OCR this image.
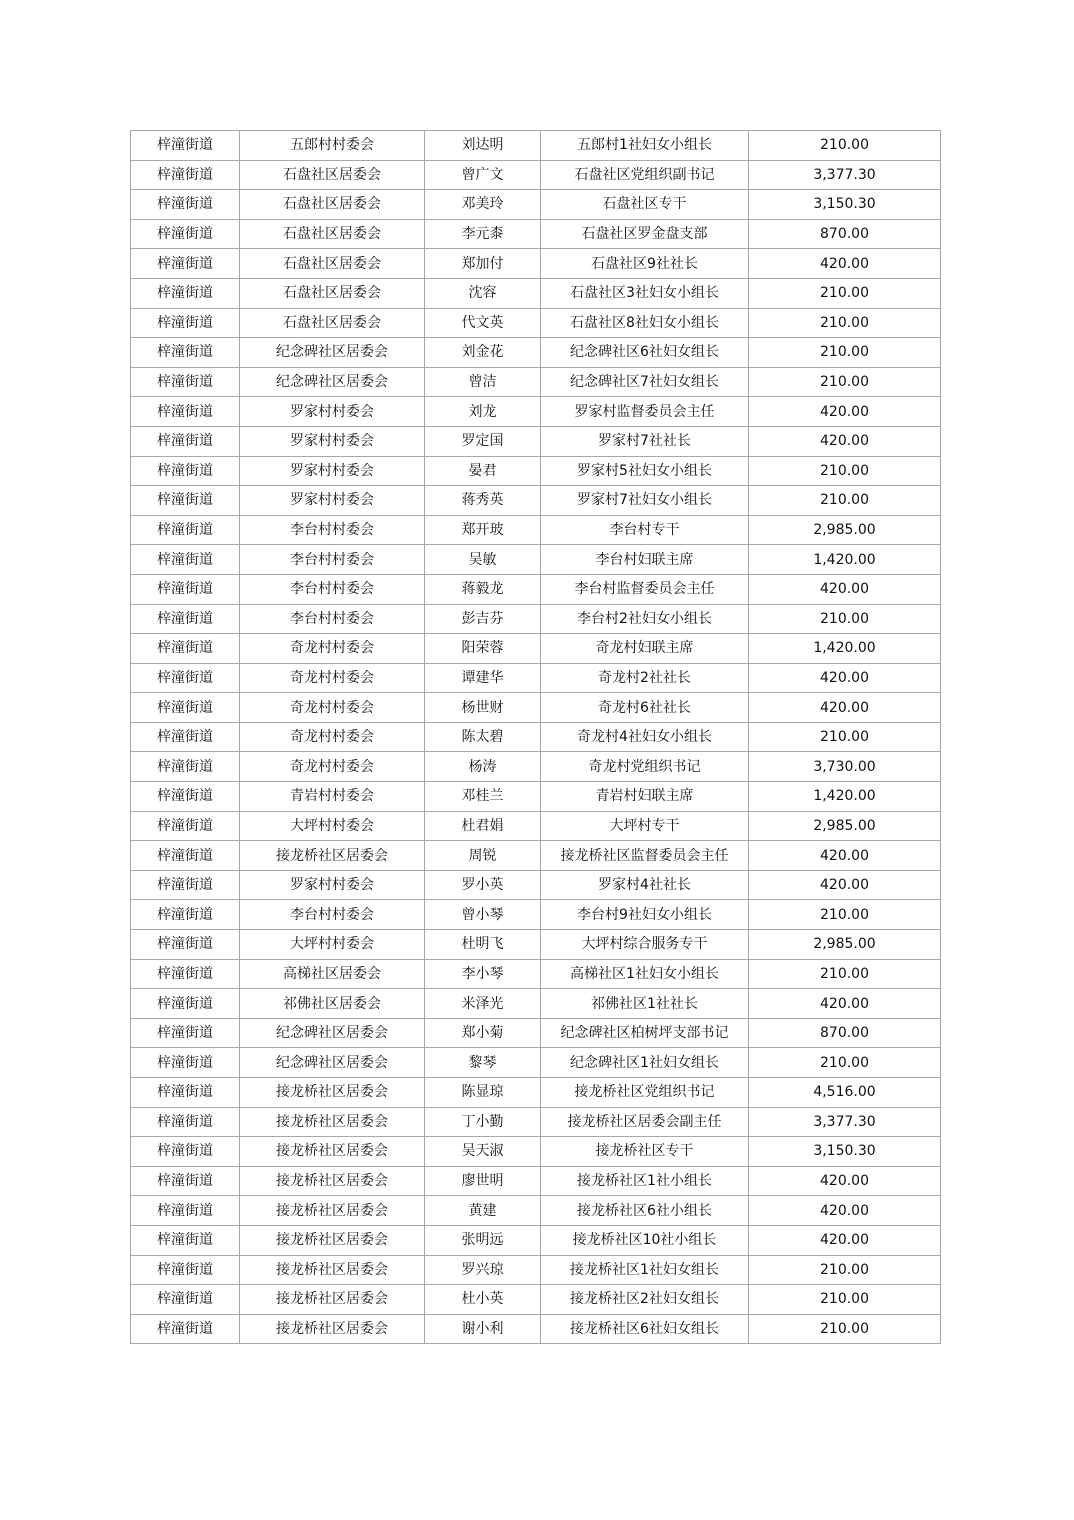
梓潼街道	五郎村村委会	刘达明	五郎村1社妇女小组长	210.00
梓潼街道	石盘社区居委会	曾广文	石盘社区党组织副书记	3,377.30
梓潼街道	石盘社区居委会	邓美玲	石盘社区专干	3,150.30
梓潼街道	石盘社区居委会	李元桼	石盘社区罗金盘支部	870.00
梓潼街道	石盘社区居委会	郑加付	石盘社区9社社长	420.00
梓潼街道	石盘社区居委会	沈容	石盘社区3社妇女小组长	210.00
梓潼街道	石盘社区居委会	代文英	石盘社区8社妇女小组长	210.00
梓潼街道	纪念碑社区居委会	刘金花	纪念碑社区6社妇女组长	210.00
梓潼街道	纪念碑社区居委会	曾洁	纪念碑社区7社妇女组长	210.00
梓潼街道	罗家村村委会	刘龙	罗家村监督委员会主任	420.00
梓潼街道	罗家村村委会	罗定国	罗家村7社社长	420.00
梓潼街道	罗家村村委会	晏君	罗家村5社妇女小组长	210.00
梓潼街道	罗家村村委会	蒋秀英	罗家村7社妇女小组长	210.00
梓潼街道	李台村村委会	郑开玻	李台村专干	2,985.00
梓潼街道	李台村村委会	吴敏	李台村妇联主席	1,420.00
梓潼街道	李台村村委会	蒋毅龙	李台村监督委员会主任	420.00
梓潼街道	李台村村委会	彭吉芬	李台村2社妇女小组长	210.00
梓潼街道	奇龙村村委会	阳荣蓉	奇龙村妇联主席	1,420.00
梓潼街道	奇龙村村委会	谭建华	奇龙村2社社长	420.00
梓潼街道	奇龙村村委会	杨世财	奇龙村6社社长	420.00
梓潼街道	奇龙村村委会	陈太碧	奇龙村4社妇女小组长	210.00
梓潼街道	奇龙村村委会	杨涛	奇龙村党组织书记	3,730.00
梓潼街道	青岩村村委会	邓桂兰	青岩村妇联主席	1,420.00
梓潼街道	大坪村村委会	杜君娟	大坪村专干	2,985.00
梓潼街道	接龙桥社区居委会	周锐	接龙桥社区监督委员会主任	420.00
梓潼街道	罗家村村委会	罗小英	罗家村4社社长	420.00
梓潼街道	李台村村委会	曾小琴	李台村9社妇女小组长	210.00
梓潼街道	大坪村村委会	杜明飞	大坪村综合服务专干	2,985.00
梓潼街道	高梯社区居委会	李小琴	高梯社区1社妇女小组长	210.00
梓潼街道	祁佛社区居委会	米泽光	祁佛社区1社社长	420.00
梓潼街道	纪念碑社区居委会	郑小菊	纪念碑社区柏树坪支部书记	870.00
梓潼街道	纪念碑社区居委会	黎琴	纪念碑社区1社妇女组长	210.00
梓潼街道	接龙桥社区居委会	陈显琼	接龙桥社区党组织书记	4,516.00
梓潼街道	接龙桥社区居委会	丁小勤	接龙桥社区居委会副主任	3,377.30
梓潼街道	接龙桥社区居委会	吴天淑	接龙桥社区专干	3,150.30
梓潼街道	接龙桥社区居委会	廖世明	接龙桥社区1社小组长	420.00
梓潼街道	接龙桥社区居委会	黄建	接龙桥社区6社小组长	420.00
梓潼街道	接龙桥社区居委会	张明远	接龙桥社区10社小组长	420.00
梓潼街道	接龙桥社区居委会	罗兴琼	接龙桥社区1社妇女组长	210.00
梓潼街道	接龙桥社区居委会	杜小英	接龙桥社区2社妇女组长	210.00
梓潼街道	接龙桥社区居委会	谢小利	接龙桥社区6社妇女组长	210.00
